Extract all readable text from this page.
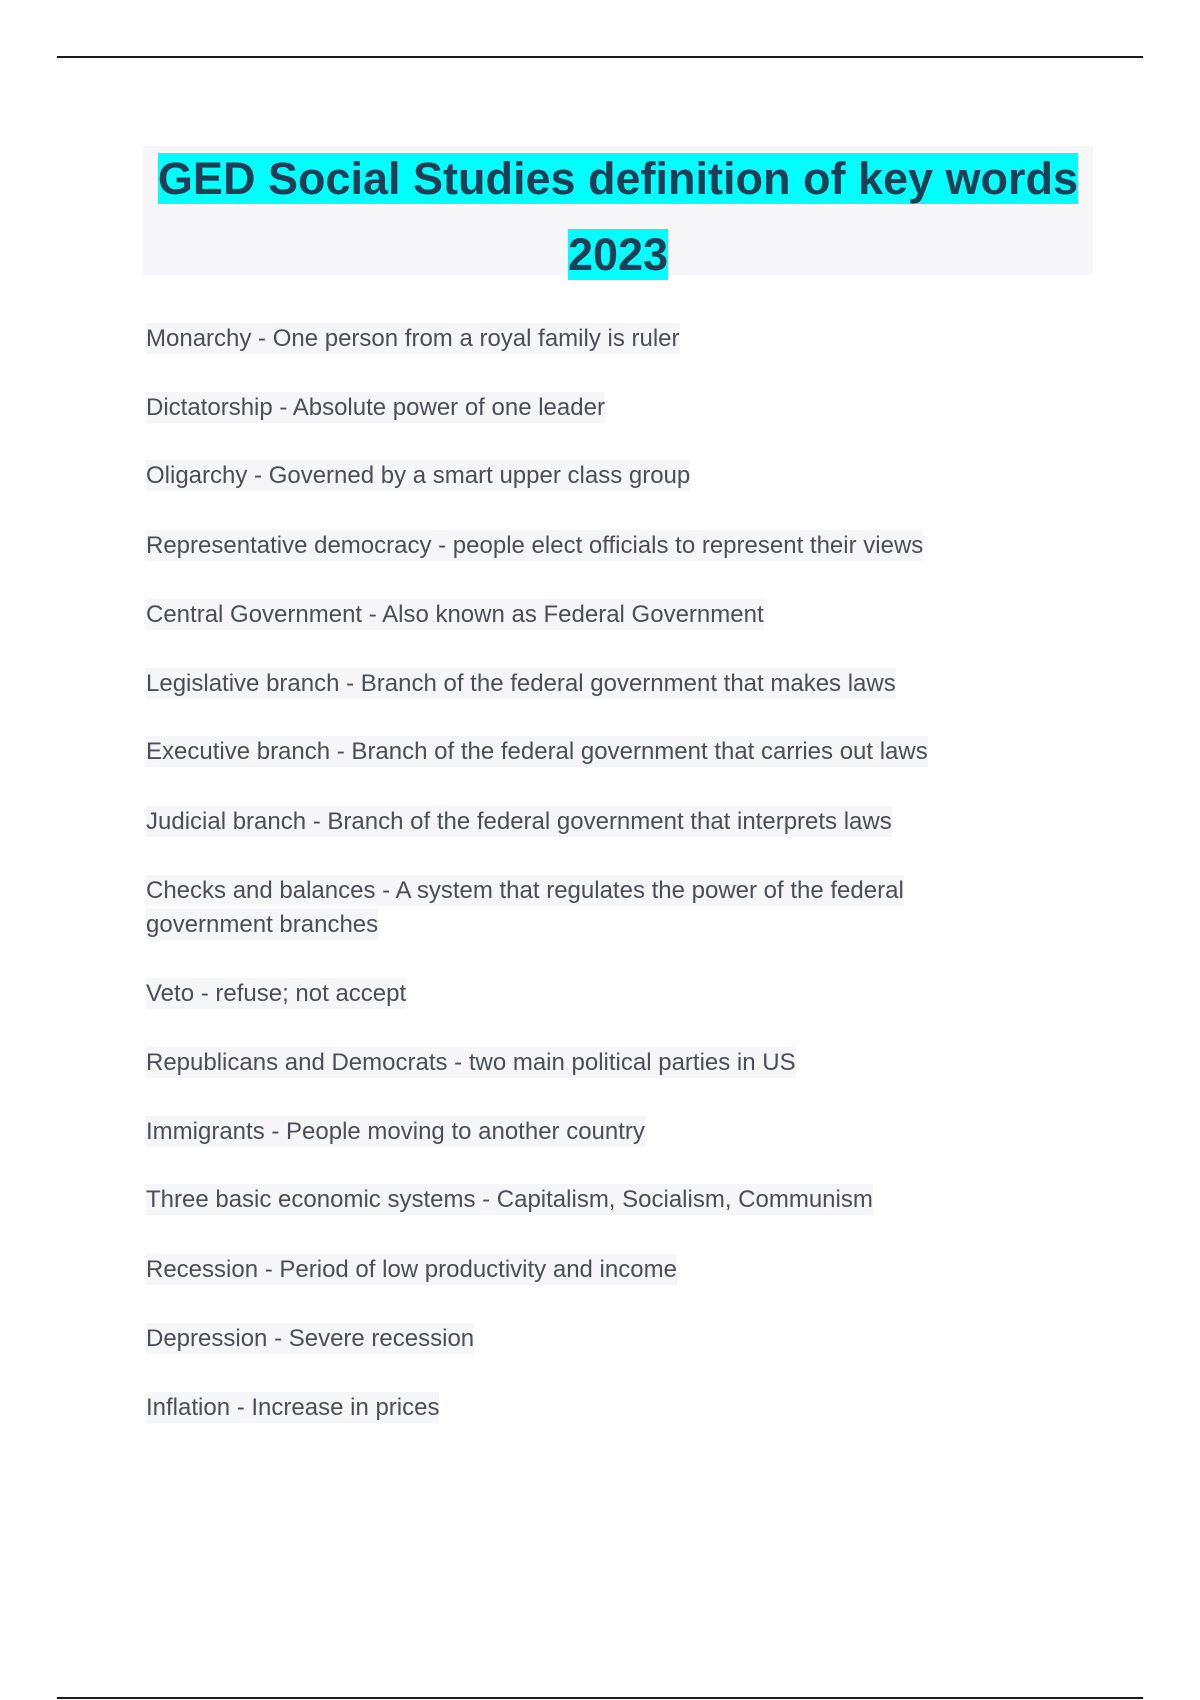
GED Social Studies definition of key words 2023
Monarchy - One person from a royal family is ruler
Dictatorship - Absolute power of one leader
Oligarchy - Governed by a smart upper class group
Representative democracy - people elect officials to represent their views
Central Government - Also known as Federal Government
Legislative branch - Branch of the federal government that makes laws
Executive branch - Branch of the federal government that carries out laws
Judicial branch - Branch of the federal government that interprets laws
Checks and balances - A system that regulates the power of the federal government branches
Veto - refuse; not accept
Republicans and Democrats - two main political parties in US
Immigrants - People moving to another country
Three basic economic systems - Capitalism, Socialism, Communism
Recession - Period of low productivity and income
Depression - Severe recession
Inflation - Increase in prices
